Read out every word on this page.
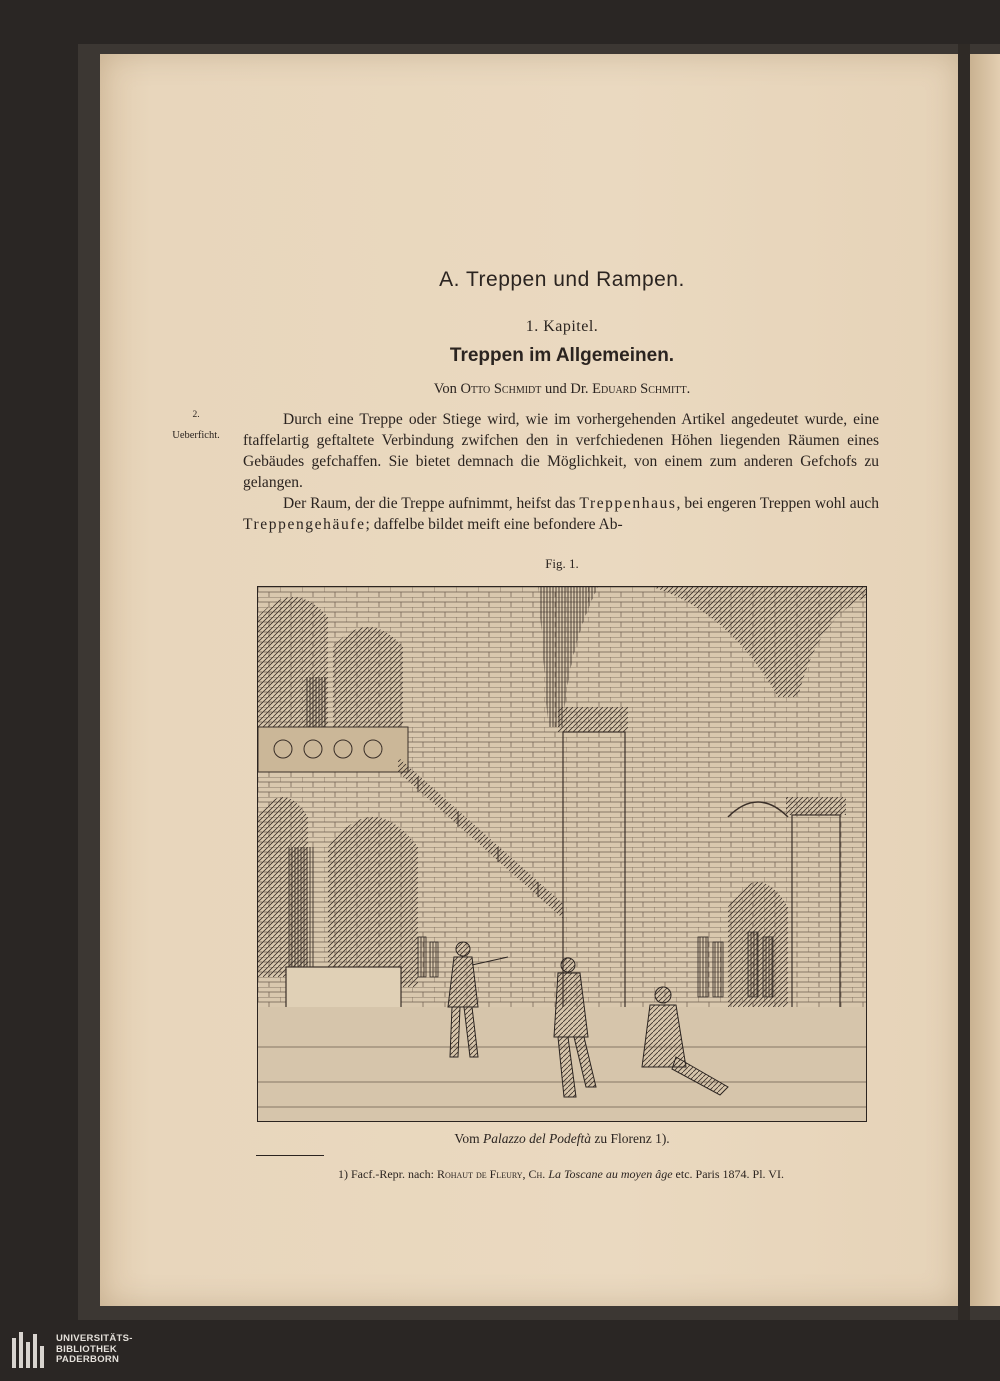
A. Treppen und Rampen.
1. Kapitel.
Treppen im Allgemeinen.
Von Otto Schmidt und Dr. Eduard Schmitt.
2.
Ueberficht.

Durch eine Treppe oder Stiege wird, wie im vorhergehenden Artikel angedeutet wurde, eine ftaffelartig geftaltete Verbindung zwifchen den in verfchiedenen Höhen liegenden Räumen eines Gebäudes gefchaffen. Sie bietet demnach die Möglichkeit, von einem zum anderen Gefchofs zu gelangen.

Der Raum, der die Treppe aufnimmt, heifst das Treppenhaus, bei engeren Treppen wohl auch Treppengehäufe; daffelbe bildet meift eine befondere Ab-

Fig. 1.
Vom Palazzo del Podeftà zu Florenz 1).
1) Facf.-Repr. nach: Rohaut de Fleury, Ch. La Toscane au moyen âge etc. Paris 1874. Pl. VI.
UNIVERSITÄTS-
BIBLIOTHEK
PADERBORN
